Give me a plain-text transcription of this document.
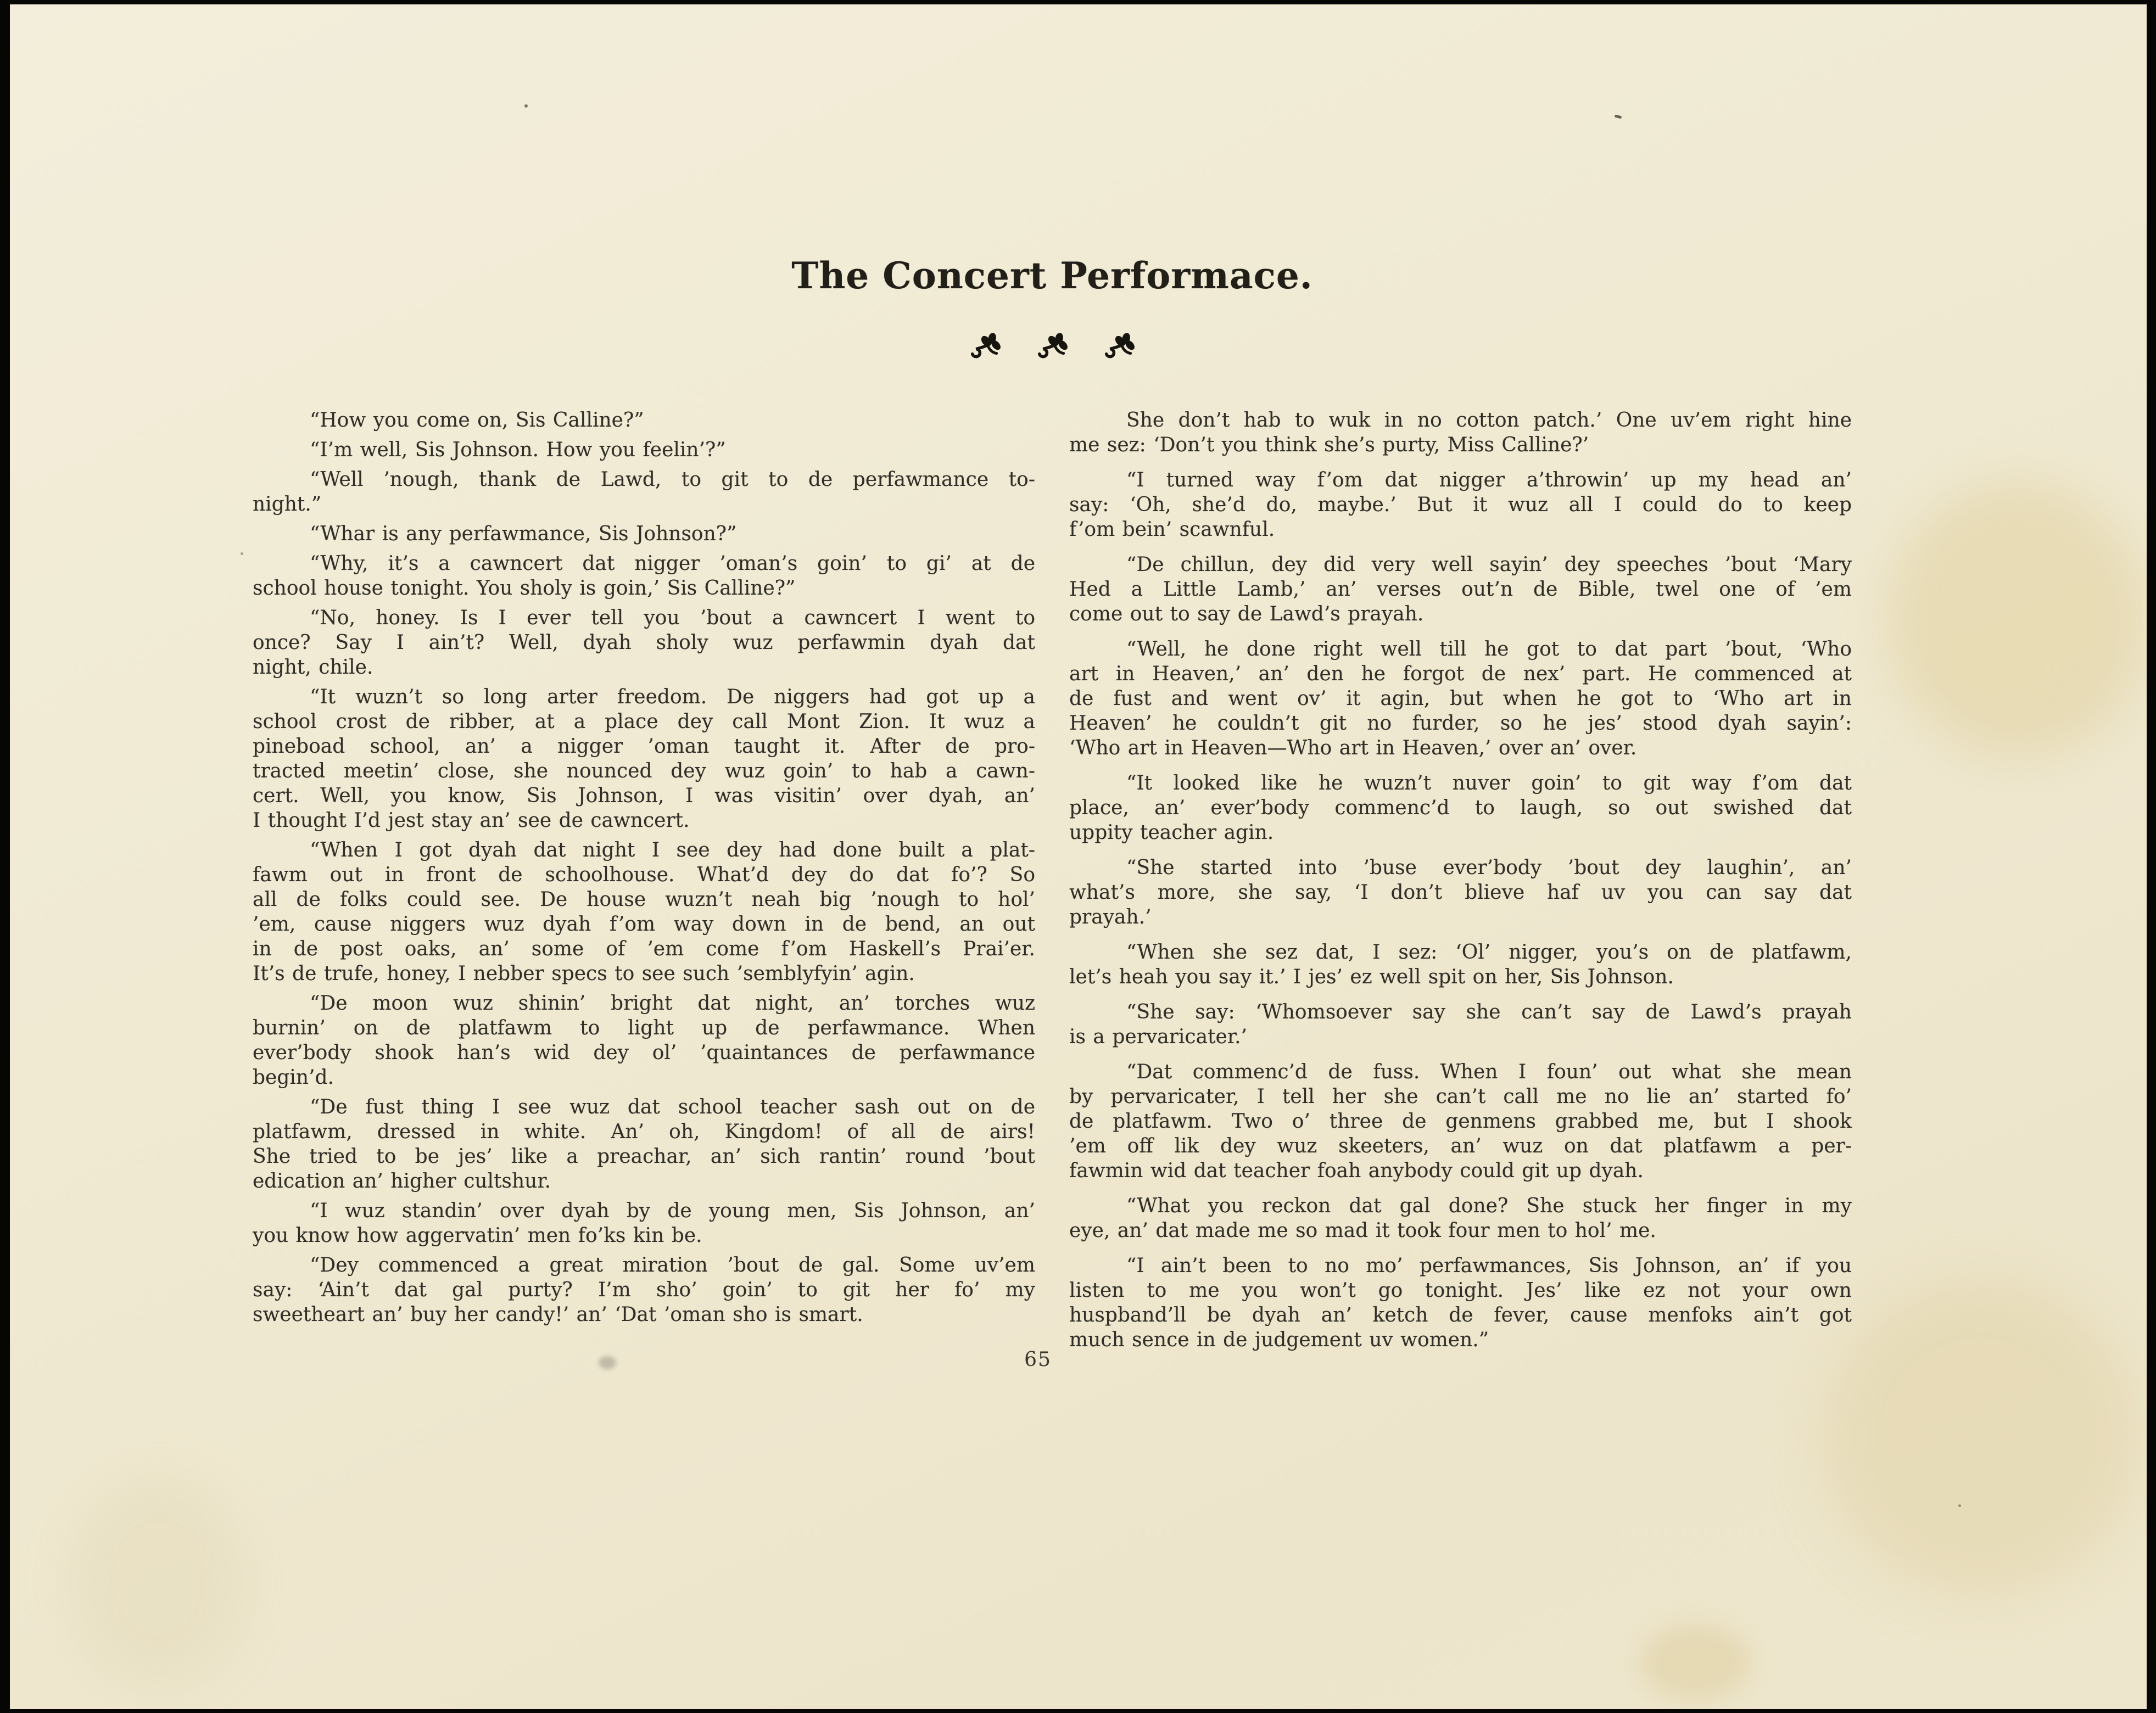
The Concert Performace.
“How you come on, Sis Calline?”
“I’m well, Sis Johnson. How you feelin’?”
“Well ’nough, thank de Lawd, to git to de perfawmance to-
night.”
“Whar is any perfawmance, Sis Johnson?”
“Why, it’s a cawncert dat nigger ’oman’s goin’ to gi’ at de
school house tonight. You sholy is goin,’ Sis Calline?”
“No, honey. Is I ever tell you ’bout a cawncert I went to
once? Say I ain’t? Well, dyah sholy wuz perfawmin dyah dat
night, chile.
“It wuzn’t so long arter freedom. De niggers had got up a
school crost de ribber, at a place dey call Mont Zion. It wuz a
pineboad school, an’ a nigger ’oman taught it. After de pro-
tracted meetin’ close, she nounced dey wuz goin’ to hab a cawn-
cert. Well, you know, Sis Johnson, I was visitin’ over dyah, an’
I thought I’d jest stay an’ see de cawncert.
“When I got dyah dat night I see dey had done built a plat-
fawm out in front de schoolhouse. What’d dey do dat fo’? So
all de folks could see. De house wuzn’t neah big ’nough to hol’
’em, cause niggers wuz dyah f’om way down in de bend, an out
in de post oaks, an’ some of ’em come f’om Haskell’s Prai’er.
It’s de trufe, honey, I nebber specs to see such ’semblyfyin’ agin.
“De moon wuz shinin’ bright dat night, an’ torches wuz
burnin’ on de platfawm to light up de perfawmance. When
ever’body shook han’s wid dey ol’ ’quaintances de perfawmance
begin’d.
“De fust thing I see wuz dat school teacher sash out on de
platfawm, dressed in white. An’ oh, Kingdom! of all de airs!
She tried to be jes’ like a preachar, an’ sich rantin’ round ’bout
edication an’ higher cultshur.
“I wuz standin’ over dyah by de young men, Sis Johnson, an’
you know how aggervatin’ men fo’ks kin be.
“Dey commenced a great miration ’bout de gal. Some uv’em
say: ‘Ain’t dat gal purty? I’m sho’ goin’ to git her fo’ my
sweetheart an’ buy her candy!’ an’ ‘Dat ’oman sho is smart.
She don’t hab to wuk in no cotton patch.’ One uv’em right hine
me sez: ‘Don’t you think she’s purty, Miss Calline?’
“I turned way f’om dat nigger a’throwin’ up my head an’
say: ‘Oh, she’d do, maybe.’ But it wuz all I could do to keep
f’om bein’ scawnful.
“De chillun, dey did very well sayin’ dey speeches ’bout ‘Mary
Hed a Little Lamb,’ an’ verses out’n de Bible, twel one of ’em
come out to say de Lawd’s prayah.
“Well, he done right well till he got to dat part ’bout, ‘Who
art in Heaven,’ an’ den he forgot de nex’ part. He commenced at
de fust and went ov’ it agin, but when he got to ‘Who art in
Heaven’ he couldn’t git no furder, so he jes’ stood dyah sayin’:
‘Who art in Heaven—Who art in Heaven,’ over an’ over.
“It looked like he wuzn’t nuver goin’ to git way f’om dat
place, an’ ever’body commenc’d to laugh, so out swished dat
uppity teacher agin.
“She started into ’buse ever’body ’bout dey laughin’, an’
what’s more, she say, ‘I don’t blieve haf uv you can say dat
prayah.’
“When she sez dat, I sez: ‘Ol’ nigger, you’s on de platfawm,
let’s heah you say it.’ I jes’ ez well spit on her, Sis Johnson.
“She say: ‘Whomsoever say she can’t say de Lawd’s prayah
is a pervaricater.’
“Dat commenc’d de fuss. When I foun’ out what she mean
by pervaricater, I tell her she can’t call me no lie an’ started fo’
de platfawm. Two o’ three de genmens grabbed me, but I shook
’em off lik dey wuz skeeters, an’ wuz on dat platfawm a per-
fawmin wid dat teacher foah anybody could git up dyah.
“What you reckon dat gal done? She stuck her finger in my
eye, an’ dat made me so mad it took four men to hol’ me.
“I ain’t been to no mo’ perfawmances, Sis Johnson, an’ if you
listen to me you won’t go tonight. Jes’ like ez not your own
huspband’ll be dyah an’ ketch de fever, cause menfoks ain’t got
much sence in de judgement uv women.”
65
